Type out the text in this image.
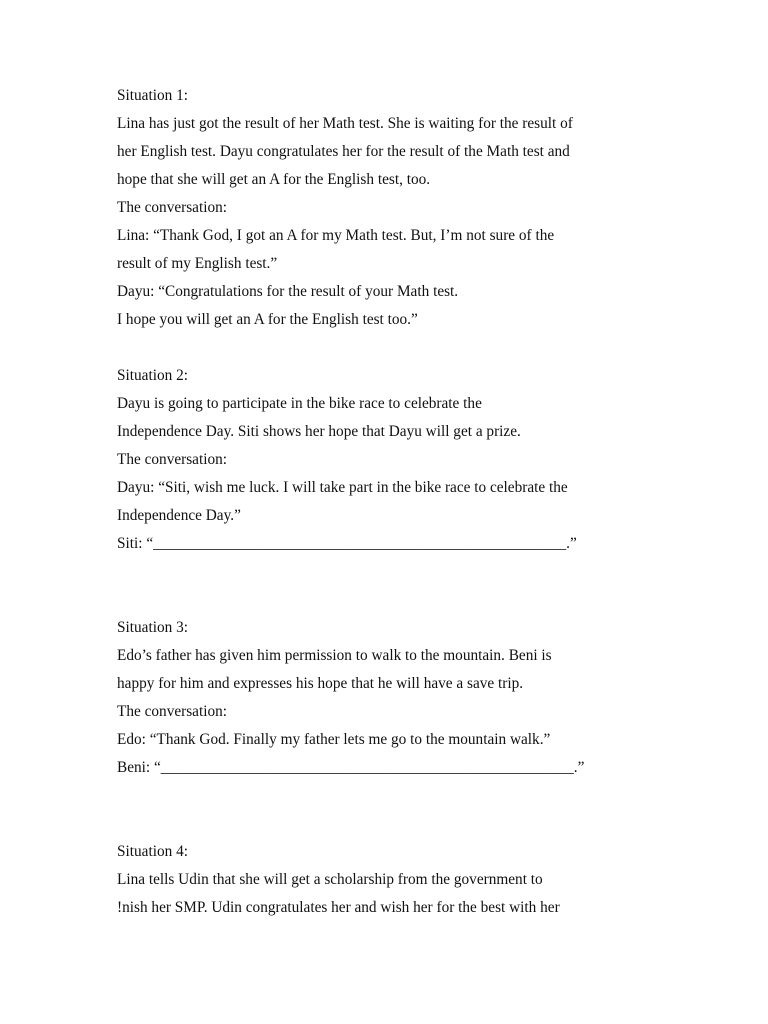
Situation 1:
Lina has just got the result of her Math test. She is waiting for the result of
her English test. Dayu congratulates her for the result of the Math test and
hope that she will get an A for the English test, too.
The conversation:
Lina: “Thank God, I got an A for my Math test. But, I’m not sure of the
result of my English test.”
Dayu: “Congratulations for the result of your Math test.
I hope you will get an A for the English test too.”
Situation 2:
Dayu is going to participate in the bike race to celebrate the
Independence Day. Siti shows her hope that Dayu will get a prize.
The conversation:
Dayu: “Siti, wish me luck. I will take part in the bike race to celebrate the
Independence Day.”
Siti: “______________________________________________________.”
Situation 3:
Edo’s father has given him permission to walk to the mountain. Beni is
happy for him and expresses his hope that he will have a save trip.
The conversation:
Edo: “Thank God. Finally my father lets me go to the mountain walk.”
Beni: “______________________________________________________.”
Situation 4:
Lina tells Udin that she will get a scholarship from the government to
!nish her SMP. Udin congratulates her and wish her for the best with her
